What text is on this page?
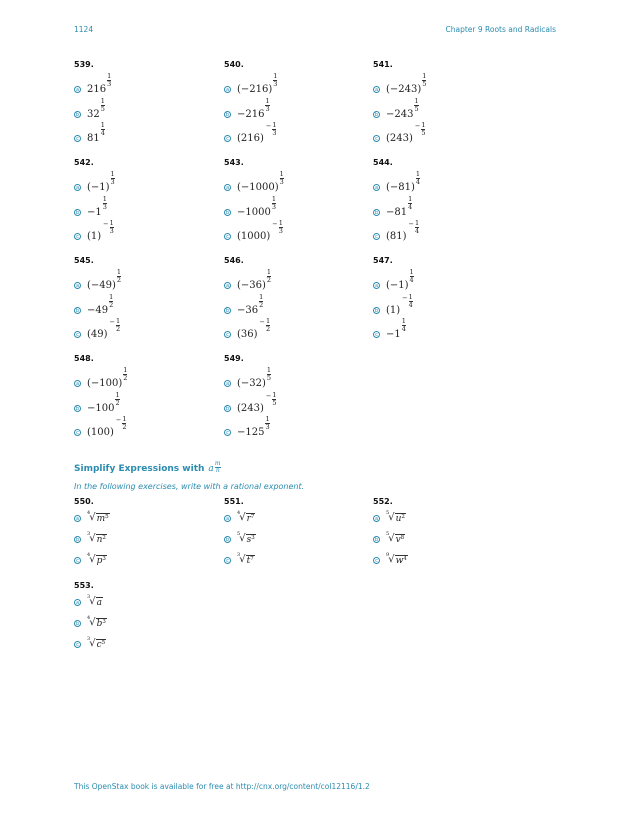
1124	Chapter 9 Roots and Radicals
539.
a 216
$\frac{1}{3}$
b 32
$\frac{1}{5}$
c 81
$\frac{1}{4}$
540.
a (−216)
$\frac{1}{3}$
b −216
$\frac{1}{3}$
c (216)
− $\frac{1}{3}$
541.
a (−243)
$\frac{1}{5}$
b −243
$\frac{1}{5}$
c (243)
− $\frac{1}{5}$
542.
a (−1)
$\frac{1}{3}$
b −1
$\frac{1}{3}$
c (1)
− $\frac{1}{3}$
543.
a (−1000)
$\frac{1}{3}$
b −1000
$\frac{1}{3}$
c (1000)
− $\frac{1}{3}$
544.
a (−81)
$\frac{1}{4}$
b −81
$\frac{1}{4}$
c (81)
− $\frac{1}{4}$
545.
a (−49)
$\frac{1}{2}$
b −49
$\frac{1}{2}$
c (49)
− $\frac{1}{2}$
546.
a (−36)
$\frac{1}{2}$
b −36
$\frac{1}{2}$
c (36)
− $\frac{1}{2}$
547.
a (−1)
$\frac{1}{4}$
b (1)
− $\frac{1}{4}$
c −1
$\frac{1}{4}$
548.
a (−100)
$\frac{1}{2}$
b −100
$\frac{1}{2}$
c (100)
− $\frac{1}{2}$
549.
a (−32)
$\frac{1}{5}$
b (243)
− $\frac{1}{5}$
c −125
$\frac{1}{3}$
550.
a
4 √ $m^5$
b
3 √ $n^2$
c
4 √ $p^3$
551.
a
4 √ $r^7$
b
5 √ $s^3$
c
3 √ $t^7$
552.
a
5 √ $u^2$
b
5 √ $v^8$
c
9 √ $w^4$
553.
a
3 √ a
b
4 √ $b^3$
c
3 √ $c^5$
Simplify Expressions with a $\frac{m}{n}$
In the following exercises, write with a rational exponent.
This OpenStax book is available for free at http://cnx.org/content/col12116/1.2
